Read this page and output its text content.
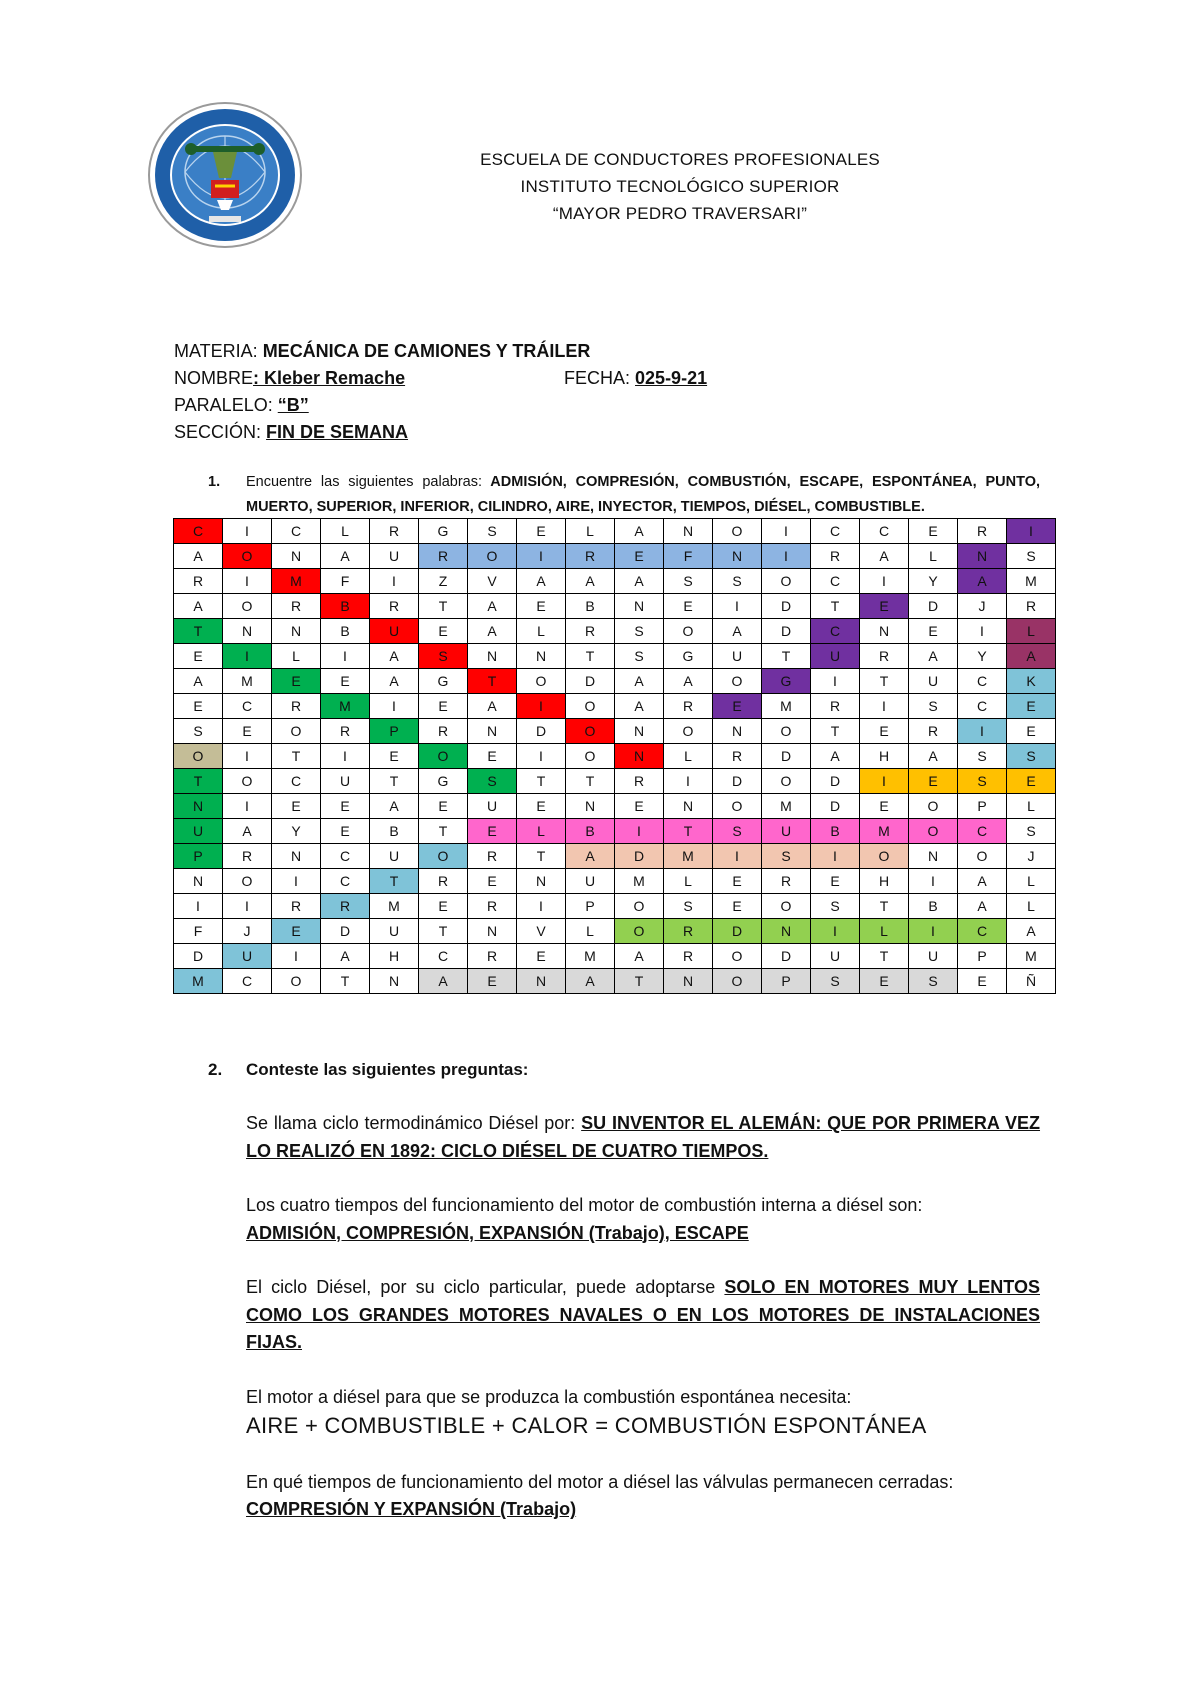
ESCUELA DE CONDUCTORES PROFESIONALES
INSTITUTO TECNOLÓGICO SUPERIOR
“MAYOR PEDRO TRAVERSARI”
MATERIA: MECÁNICA DE CAMIONES Y TRÁILER
NOMBRE: Kleber Remache	FECHA: 025-9-21
PARALELO: “B”
SECCIÓN: FIN DE SEMANA
1. Encuentre las siguientes palabras: ADMISIÓN, COMPRESIÓN, COMBUSTIÓN, ESCAPE, ESPONTÁNEA, PUNTO, MUERTO, SUPERIOR, INFERIOR, CILINDRO, AIRE, INYECTOR, TIEMPOS, DIÉSEL, COMBUSTIBLE.
C	I	C	L	R	G	S	E	L	A	N	O	I	C	C	E	R	I
A	O	N	A	U	R	O	I	R	E	F	N	I	R	A	L	N	S
R	I	M	F	I	Z	V	A	A	A	S	S	O	C	I	Y	A	M
A	O	R	B	R	T	A	E	B	N	E	I	D	T	E	D	J	R
T	N	N	B	U	E	A	L	R	S	O	A	D	C	N	E	I	L
E	I	L	I	A	S	N	N	T	S	G	U	T	U	R	A	Y	A
A	M	E	E	A	G	T	O	D	A	A	O	G	I	T	U	C	K
E	C	R	M	I	E	A	I	O	A	R	E	M	R	I	S	C	E
S	E	O	R	P	R	N	D	O	N	O	N	O	T	E	R	I	E
O	I	T	I	E	O	E	I	O	N	L	R	D	A	H	A	S	S
T	O	C	U	T	G	S	T	T	R	I	D	O	D	I	E	S	E
N	I	E	E	A	E	U	E	N	E	N	O	M	D	E	O	P	L
U	A	Y	E	B	T	E	L	B	I	T	S	U	B	M	O	C	S
P	R	N	C	U	O	R	T	A	D	M	I	S	I	O	N	O	J
N	O	I	C	T	R	E	N	U	M	L	E	R	E	H	I	A	L
I	I	R	R	M	E	R	I	P	O	S	E	O	S	T	B	A	L
F	J	E	D	U	T	N	V	L	O	R	D	N	I	L	I	C	A
D	U	I	A	H	C	R	E	M	A	R	O	D	U	T	U	P	M
M	C	O	T	N	A	E	N	A	T	N	O	P	S	E	S	E	Ñ
2. Conteste las siguientes preguntas:

Se llama ciclo termodinámico Diésel por: SU INVENTOR EL ALEMÁN: QUE POR PRIMERA VEZ LO REALIZÓ EN 1892: CICLO DIÉSEL DE CUATRO TIEMPOS.

Los cuatro tiempos del funcionamiento del motor de combustión interna a diésel son:
ADMISIÓN, COMPRESIÓN, EXPANSIÓN (Trabajo), ESCAPE

El ciclo Diésel, por su ciclo particular, puede adoptarse SOLO EN MOTORES MUY LENTOS COMO LOS GRANDES MOTORES NAVALES O EN LOS MOTORES DE INSTALACIONES FIJAS.

El motor a diésel para que se produzca la combustión espontánea necesita:
AIRE + COMBUSTIBLE + CALOR = COMBUSTIÓN ESPONTÁNEA

En qué tiempos de funcionamiento del motor a diésel las válvulas permanecen cerradas:
COMPRESIÓN Y EXPANSIÓN (Trabajo)
